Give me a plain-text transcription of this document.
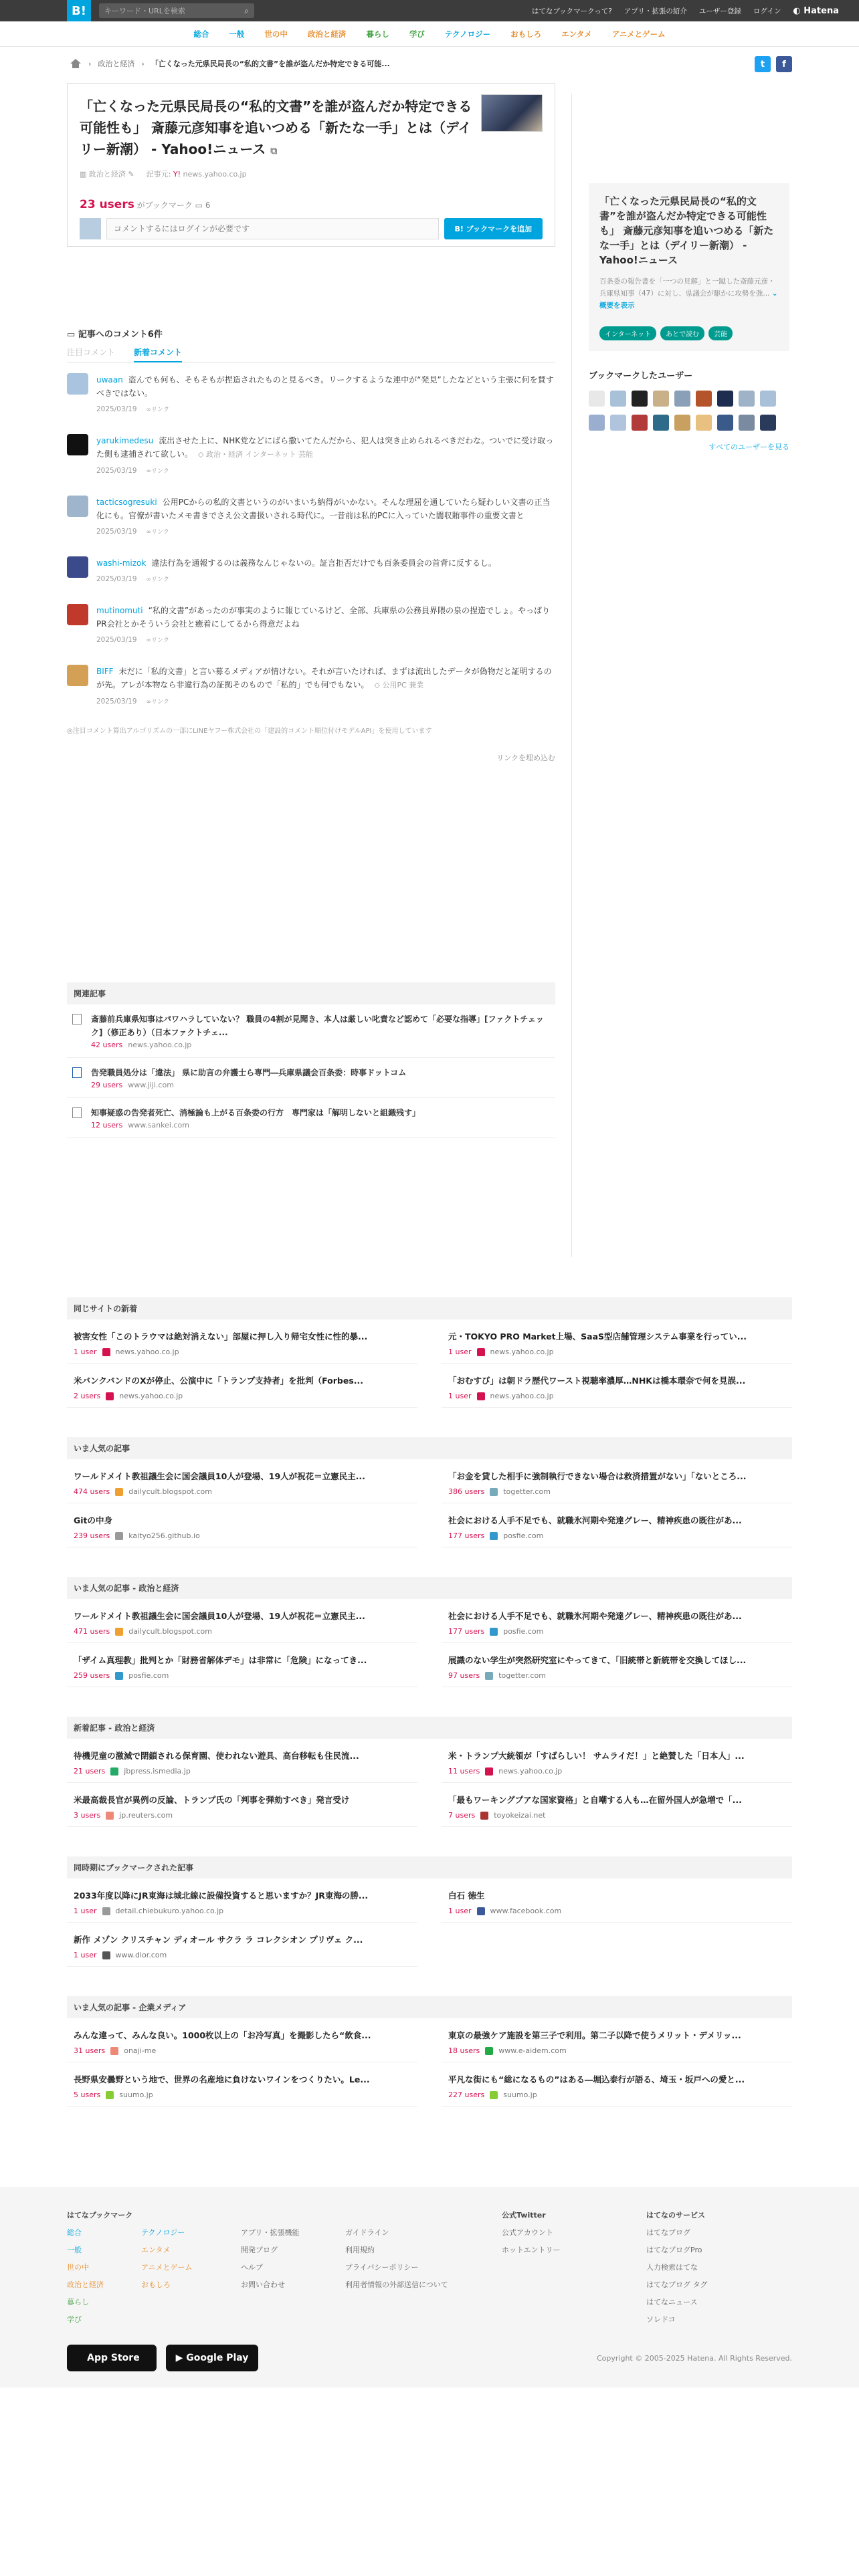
B!
キーワード・URLを検索	⌕	はてなブックマークって? アプリ・拡張の紹介 ユーザー登録 ログイン ◐ Hatena
総合	一般	世の中	政治と経済	暮らし	学び	テクノロジー	おもしろ	エンタメ	アニメとゲーム
› 政治と経済 › 「亡くなった元県民局長の“私的文書”を誰が盗んだか特定できる可能...	t	f
「亡くなった元県民局長の“私的文書”を誰が盗んだか特定できる可能性も」 斎藤元彦知事を追いつめる「新たな一手」とは（デイリー新潮） - Yahoo!ニュース ⧉
▥ 政治と経済 ✎ 記事元: Y! news.yahoo.co.jp
23 users がブックマーク ▭ 6
コメントするにはログインが必要です
B! ブックマークを追加
▭ 記事へのコメント6件
注目コメント 新着コメント
uwaan 盗んでも何も、そもそもが捏造されたものと見るべき。リークするような連中が“発見”したなどという主張に何を賛すべきではない。
2025/03/19 ∞リンク
yarukimedesu 流出させた上に、NHK党などにばら撒いてたんだから、犯人は突き止められるべきだわな。ついでに受け取った側も逮捕されて欲しい。 ◇ 政治・経済 インターネット 芸能
2025/03/19 ∞リンク
tacticsogresuki 公用PCからの私的文書というのがいまいち納得がいかない。そんな理屈を通していたら疑わしい文書の正当化にも。官僚が書いたメモ書きでさえ公文書扱いされる時代に。一昔前は私的PCに入っていた闇収賄事件の重要文書と
2025/03/19 ∞リンク
washi-mizok 違法行為を通報するのは義務なんじゃないの。証言拒否だけでも百条委員会の首背に反するし。
2025/03/19 ∞リンク
mutinomuti “私的文書”があったのが事実のように報じているけど、全部、兵庫県の公務員界隈の泉の捏造でしょ。やっぱりPR会社とかそういう会社と癒着にしてるから得意だよね
2025/03/19 ∞リンク
BIFF 未だに「私的文書」と言い募るメディアが情けない。それが言いたければ、まずは流出したデータが偽物だと証明するのが先。アレが本物なら非違行為の証拠そのもので「私的」でも何でもない。 ◇ 公用PC 兼業
2025/03/19 ∞リンク
◎注目コメント算出アルゴリズムの一部にLINEヤフー株式会社の「建設的コメント順位付けモデルAPI」を使用しています
リンクを埋め込む
関連記事
斎藤前兵庫県知事はパワハラしていない？ 職員の4割が見聞き、本人は厳しい叱責など認めて「必要な指導」[ファクトチェック]（修正あり）（日本ファクトチェ...
42 users news.yahoo.co.jp
告発職員処分は「違法」 県に助言の弁護士ら専門―兵庫県議会百条委：時事ドットコム
29 users www.jiji.com
知事疑惑の告発者死亡、消極論も上がる百条委の行方　専門家は「解明しないと組織残す」
12 users www.sankei.com
「亡くなった元県民局長の“私的文書”を誰が盗んだか特定できる可能性も」 斎藤元彦知事を追いつめる「新たな一手」とは（デイリー新潮） - Yahoo!ニュース
百条委の報告書を「一つの見解」と一蹴した斎藤元彦・兵庫県知事（47）に対し、県議会が駆かに攻勢を強... ⌄ 概要を表示
インターネット	あとで読む	芸能
ブックマークしたユーザー
すべてのユーザーを見る
同じサイトの新着
被害女性「このトラウマは絶対消えない」部屋に押し入り帰宅女性に性的暴...
1 user	news.yahoo.co.jp
元・TOKYO PRO Market上場、SaaS型店舗管理システム事業を行ってい...
1 user	news.yahoo.co.jp
米バンクバンドのXが停止、公演中に「トランプ支持者」を批判（Forbes...
2 users	news.yahoo.co.jp
「おむすび」は朝ドラ歴代ワースト視聴率濃厚…NHKは橋本環奈で何を見誤...
1 user	news.yahoo.co.jp
いま人気の記事
ワールドメイト教祖議生会に国会議員10人が登場、19人が祝花＝立憲民主...
474 users	dailycult.blogspot.com
「お金を貸した相手に強制執行できない場合は救済措置がない」「ないところ...
386 users	togetter.com
Gitの中身
239 users	kaityo256.github.io
社会における人手不足でも、就職氷河期や発達グレー、精神疾患の既往があ...
177 users	posfie.com
いま人気の記事 - 政治と経済
ワールドメイト教祖議生会に国会議員10人が登場、19人が祝花＝立憲民主...
471 users	dailycult.blogspot.com
社会における人手不足でも、就職氷河期や発達グレー、精神疾患の既往があ...
177 users	posfie.com
「ザイム真理教」批判とか「財務省解体デモ」は非常に「危険」になってき...
259 users	posfie.com
展識のない学生が突然研究室にやってきて、「旧統帯と新統帯を交換してほし...
97 users	togetter.com
新着記事 - 政治と経済
待機児童の激減で閉鎖される保育園、使われない遊具、高台移転も住民流...
21 users	jbpress.ismedia.jp
米・トランプ大統領が「すばらしい！ サムライだ！」と絶賛した「日本人」...
11 users	news.yahoo.co.jp
米最高裁長官が異例の反論、トランプ氏の「判事を弾劾すべき」発言受け
3 users	jp.reuters.com
「最もワーキングプアな国家資格」と自嘲する人も…在留外国人が急増で「...
7 users	toyokeizai.net
同時期にブックマークされた記事
2033年度以降にJR東海は城北線に設備投資すると思いますか？JR東海の勝...
1 user	detail.chiebukuro.yahoo.co.jp
白石 徳生
1 user	www.facebook.com
新作 メゾン クリスチャン ディオール サクラ ラ コレクシオン プリヴェ ク...
1 user	www.dior.com
いま人気の記事 - 企業メディア
みんな違って、みんな良い。1000枚以上の「お冷写真」を撮影したら“飲食...
31 users	onaji-me
東京の最強ケア施設を第三子で利用。第二子以降で使うメリット・デメリッ...
18 users	www.e-aidem.com
長野県安曇野という地で、世界の名産地に負けないワインをつくりたい。Le...
5 users	suumo.jp
平凡な街にも“総になるもの”はある―堀込泰行が語る、埼玉・坂戸への愛と...
227 users	suumo.jp
はてなブックマーク
総合
一般
世の中
政治と経済
暮らし
学び
テクノロジー
エンタメ
アニメとゲーム
おもしろ
アプリ・拡張機能
開発ブログ
ヘルプ
お問い合わせ
ガイドライン
利用規約
プライバシーポリシー
利用者情報の外部送信について
公式Twitter
公式アカウント
ホットエントリー
はてなのサービス
はてなブログ
はてなブログPro
人力検索はてな
はてなブログ タグ
はてなニュース
ソレドコ

App Store	▶
Google Play	Copyright © 2005-2025 Hatena. All Rights Reserved.
